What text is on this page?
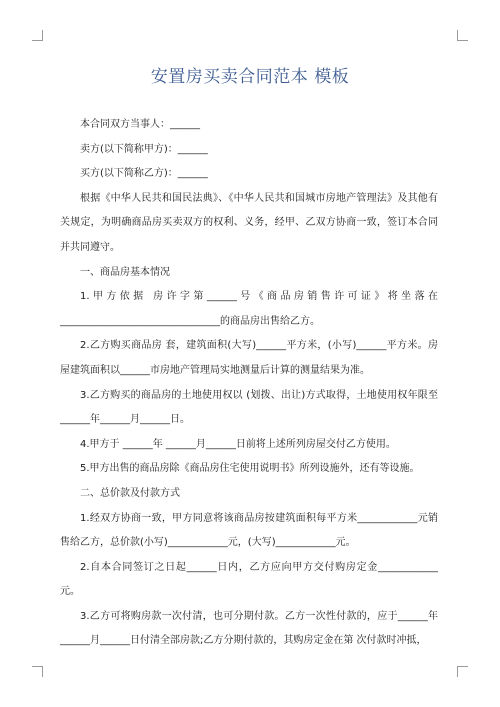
安置房买卖合同范本 模板

本合同双方当事人：______

卖方(以下简称甲方)：______

买方(以下简称乙方)：______

根据《中华人民共和国民法典》、《中华人民共和国城市房地产管理法》及其他有关规定，为明确商品房买卖双方的权利、义务，经甲、乙双方协商一致，签订本合同并共同遵守。

一、商品房基本情况

1.甲方依据 房许字第______号《商品房销售许可证》将坐落在________________________________的商品房出售给乙方。

2.乙方购买商品房 套，建筑面积(大写)______平方米，(小写)______平方米。房屋建筑面积以______市房地产管理局实地测量后计算的测量结果为准。

3.乙方购买的商品房的土地使用权以 (划拨、出让)方式取得，土地使用权年限至______年______月______日。

4.甲方于 ______年 ______月______日前将上述所列房屋交付乙方使用。

5.甲方出售的商品房除《商品房住宅使用说明书》所列设施外，还有等设施。

二、总价款及付款方式

1.经双方协商一致，甲方同意将该商品房按建筑面积每平方米____________元销售给乙方，总价款(小写)____________元，(大写)____________元。

2.自本合同签订之日起______日内，乙方应向甲方交付购房定金____________元。

3.乙方可将购房款一次付清，也可分期付款。乙方一次性付款的，应于______年______月______日付清全部房款;乙方分期付款的，其购房定金在第 次付款时冲抵，
